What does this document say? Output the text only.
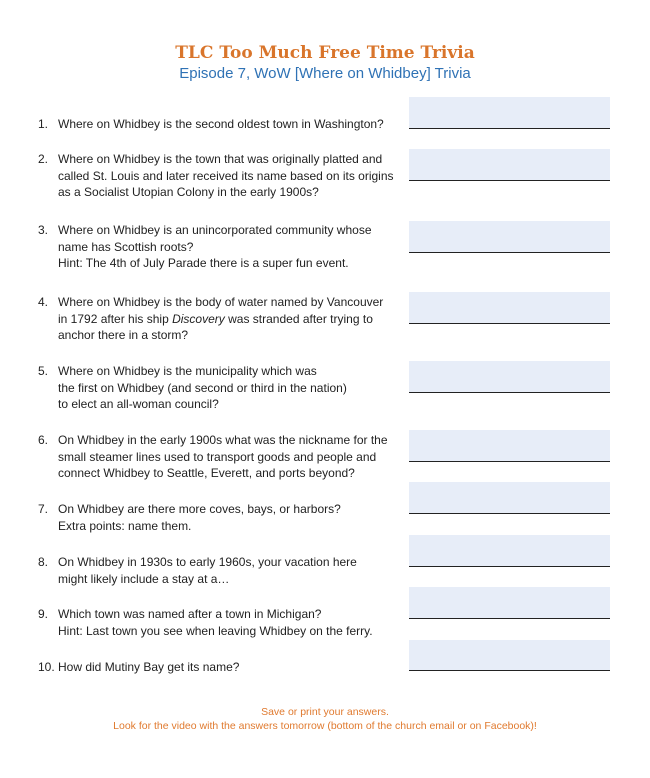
TLC Too Much Free Time Trivia
Episode 7, WoW [Where on Whidbey] Trivia
1. Where on Whidbey is the second oldest town in Washington?
2. Where on Whidbey is the town that was originally platted and
called St. Louis and later received its name based on its origins
as a Socialist Utopian Colony in the early 1900s?
3. Where on Whidbey is an unincorporated community whose
name has Scottish roots?
Hint: The 4th of July Parade there is a super fun event.
4. Where on Whidbey is the body of water named by Vancouver
in 1792 after his ship Discovery was stranded after trying to
anchor there in a storm?
5. Where on Whidbey is the municipality which was
the first on Whidbey (and second or third in the nation)
to elect an all-woman council?
6. On Whidbey in the early 1900s what was the nickname for the
small steamer lines used to transport goods and people and
connect Whidbey to Seattle, Everett, and ports beyond?
7. On Whidbey are there more coves, bays, or harbors?
Extra points: name them.
8. On Whidbey in 1930s to early 1960s, your vacation here
might likely include a stay at a…
9. Which town was named after a town in Michigan?
Hint: Last town you see when leaving Whidbey on the ferry.
10. How did Mutiny Bay get its name?
Save or print your answers.
Look for the video with the answers tomorrow (bottom of the church email or on Facebook)!
